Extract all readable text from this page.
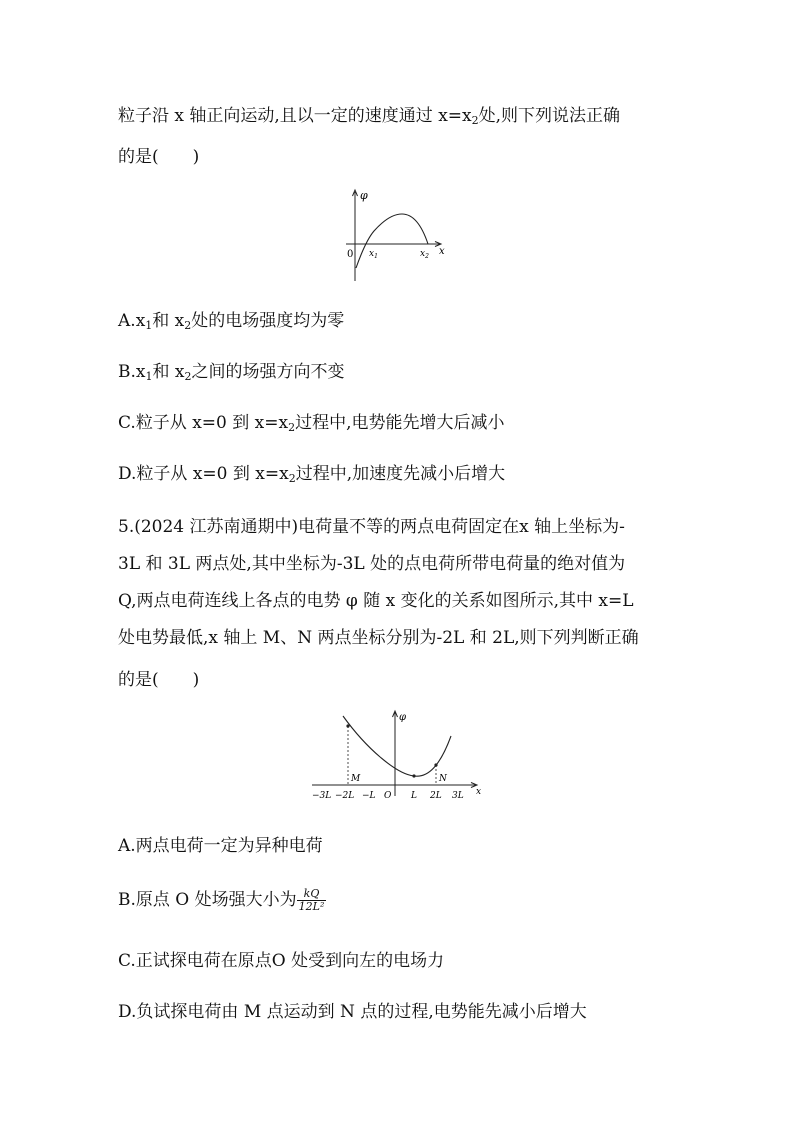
粒子沿 x 轴正向运动,且以一定的速度通过 $x=x_2$处,则下列说法正确
的是(　　)
φ
x
0 $x_1$	$x_2$
$A.x_1$和 $x_2$处的电场强度均为零
$B.x_1$和 $x_2$之间的场强方向不变
C.粒子从 x=0 到 $x=x_2$过程中,电势能先增大后减小
D.粒子从 x=0 到 $x=x_2$过程中,加速度先减小后增大
5.(2024 江苏南通期中)电荷量不等的两点电荷固定在x 轴上坐标为-
3L 和 3L 两点处,其中坐标为-3L 处的点电荷所带电荷量的绝对值为
Q,两点电荷连线上各点的电势 φ 随 x 变化的关系如图所示,其中 x=L
处电势最低,x 轴上 M、N 两点坐标分别为-2L 和 2L,则下列判断正确
的是(　　)
φ
x
M	N
−3L −2L −L O L 2L 3L
A.两点电荷一定为异种电荷
B.原点 O 处场强大小为 $\frac{kQ}{\text{12L²}}$
C.正试探电荷在原点O 处受到向左的电场力
D.负试探电荷由 M 点运动到 N 点的过程,电势能先减小后增大
